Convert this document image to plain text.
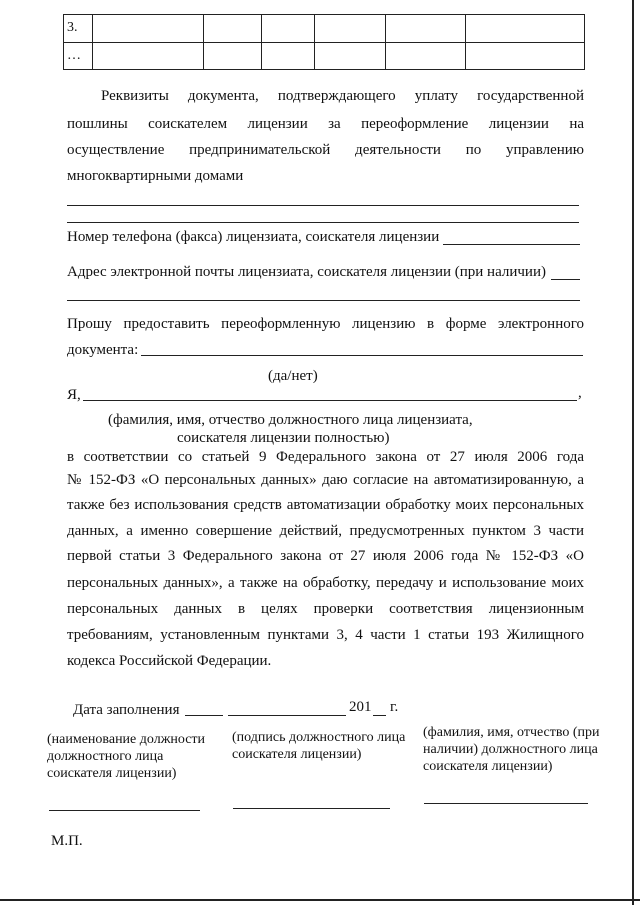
3.						
…						
Реквизиты документа, подтверждающего уплату государственной
пошлины соискателем лицензии за переоформление лицензии на
осуществление предпринимательской деятельности по управлению
многоквартирными домами
Номер телефона (факса) лицензиата, соискателя лицензии
Адрес электронной почты лицензиата, соискателя лицензии (при наличии)
Прошу предоставить переоформленную лицензию в форме электронного
документа:
(да/нет)
Я,	,
(фамилия, имя, отчество должностного лица лицензиата,
соискателя лицензии полностью)
в соответствии со статьей 9 Федерального закона от 27 июля 2006 года
№ 152-ФЗ «О персональных данных» даю согласие на автоматизированную, а
также без использования средств автоматизации обработку моих персональных
данных, а именно совершение действий, предусмотренных пунктом 3 части
первой статьи 3 Федерального закона от 27 июля 2006 года № 152-ФЗ «О
персональных данных», а также на обработку, передачу и использование моих
персональных данных в целях проверки соответствия лицензионным
требованиям, установленным пунктами 3, 4 части 1 статьи 193 Жилищного
кодекса Российской Федерации.
Дата заполнения	201 г.
(наименование должности должностного лица соискателя лицензии)
(подпись должностного лица соискателя лицензии)
(фамилия, имя, отчество (при наличии) должностного лица соискателя лицензии)
М.П.
